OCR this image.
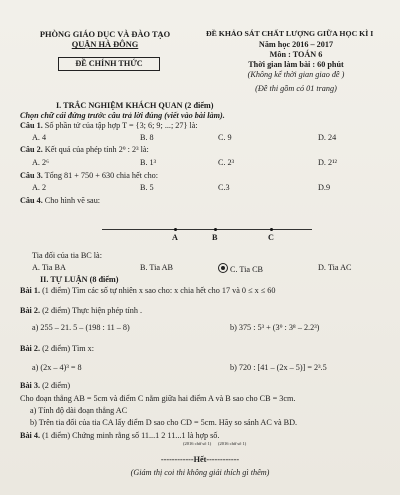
PHÒNG GIÁO DỤC VÀ ĐÀO TẠO
QUẬN HÀ ĐÔNG
ĐỀ CHÍNH THỨC
ĐỀ KHẢO SÁT CHẤT LƯỢNG GIỮA HỌC KÌ I
Năm học 2016 – 2017
Môn : TOÁN 6
Thời gian làm bài : 60 phút
(Không kể thời gian giao đề )
(Đề thi gồm có 01 trang)
I. TRẮC NGHIỆM KHÁCH QUAN (2 điểm)
Chọn chữ cái đứng trước câu trả lời đúng (viết vào bài làm).
Câu 1. Số phần tử của tập hợp T = {3; 6; 9; ...; 27} là:
A. 4	B. 8	C. 9	D. 24
Câu 2. Kết quả của phép tính 2⁹ : 2³ là:
A. 2⁶	B. 1³	C. 2³	D. 2¹²
Câu 3. Tổng 81 + 750 + 630 chia hết cho:
A. 2	B. 5	C.3	D.9
Câu 4. Cho hình vẽ sau:
A	B	C
Tia đối của tia BC là:
A. Tia BA	B. Tia AB	C. Tia CB	D. Tia AC
II. TỰ LUẬN (8 điểm)
Bài 1. (1 điểm) Tìm các số tự nhiên x sao cho: x chia hết cho 17 và 0 ≤ x ≤ 60
Bài 2. (2 điểm) Thực hiện phép tính .
a) 255 – 21. 5 – (198 : 11 – 8)	b) 375 : 5³ + (3⁹ : 3⁸ – 2.2³)
Bài 2. (2 điểm) Tìm x:
a) (2x – 4)³ = 8	b) 720 : [41 – (2x – 5)] = 2³.5
Bài 3. (2 điểm)
Cho đoạn thẳng AB = 5cm và điểm C nằm giữa hai điểm A và B sao cho CB = 3cm.
a) Tính độ dài đoạn thẳng AC
b) Trên tia đối của tia CA lấy điểm D sao cho CD = 5cm. Hãy so sánh AC và BD.
Bài 4. (1 điểm) Chứng minh rằng số 11...1 2 11...1 là hợp số.
(2016 chữ số 1) (2016 chữ số 1)
------------Hết------------
(Giám thị coi thi không giải thích gì thêm)
